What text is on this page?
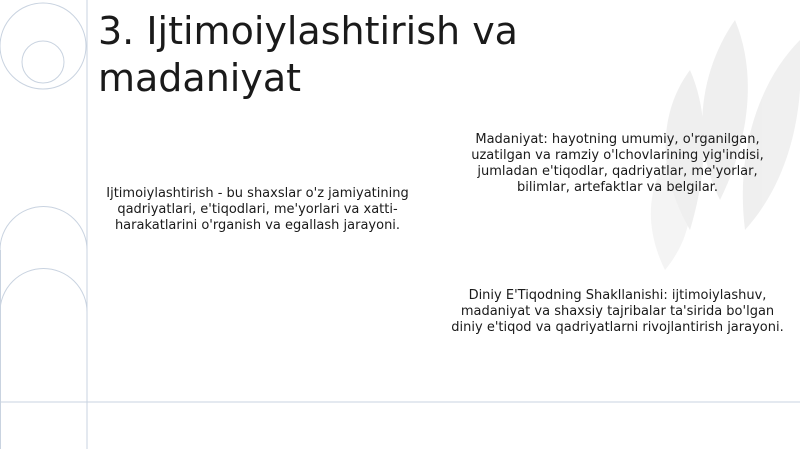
3. Ijtimoiylashtirish va madaniyat

Ijtimoiylashtirish - bu shaxslar o'z jamiyatining qadriyatlari, e'tiqodlari, me'yorlari va xatti-harakatlarini o'rganish va egallash jarayoni.

Madaniyat: hayotning umumiy, o'rganilgan, uzatilgan va ramziy o'lchovlarining yig'indisi, jumladan e'tiqodlar, qadriyatlar, me'yorlar, bilimlar, artefaktlar va belgilar.

Diniy E'Tiqodning Shakllanishi: ijtimoiylashuv, madaniyat va shaxsiy tajribalar ta'sirida bo'lgan diniy e'tiqod va qadriyatlarni rivojlantirish jarayoni.
